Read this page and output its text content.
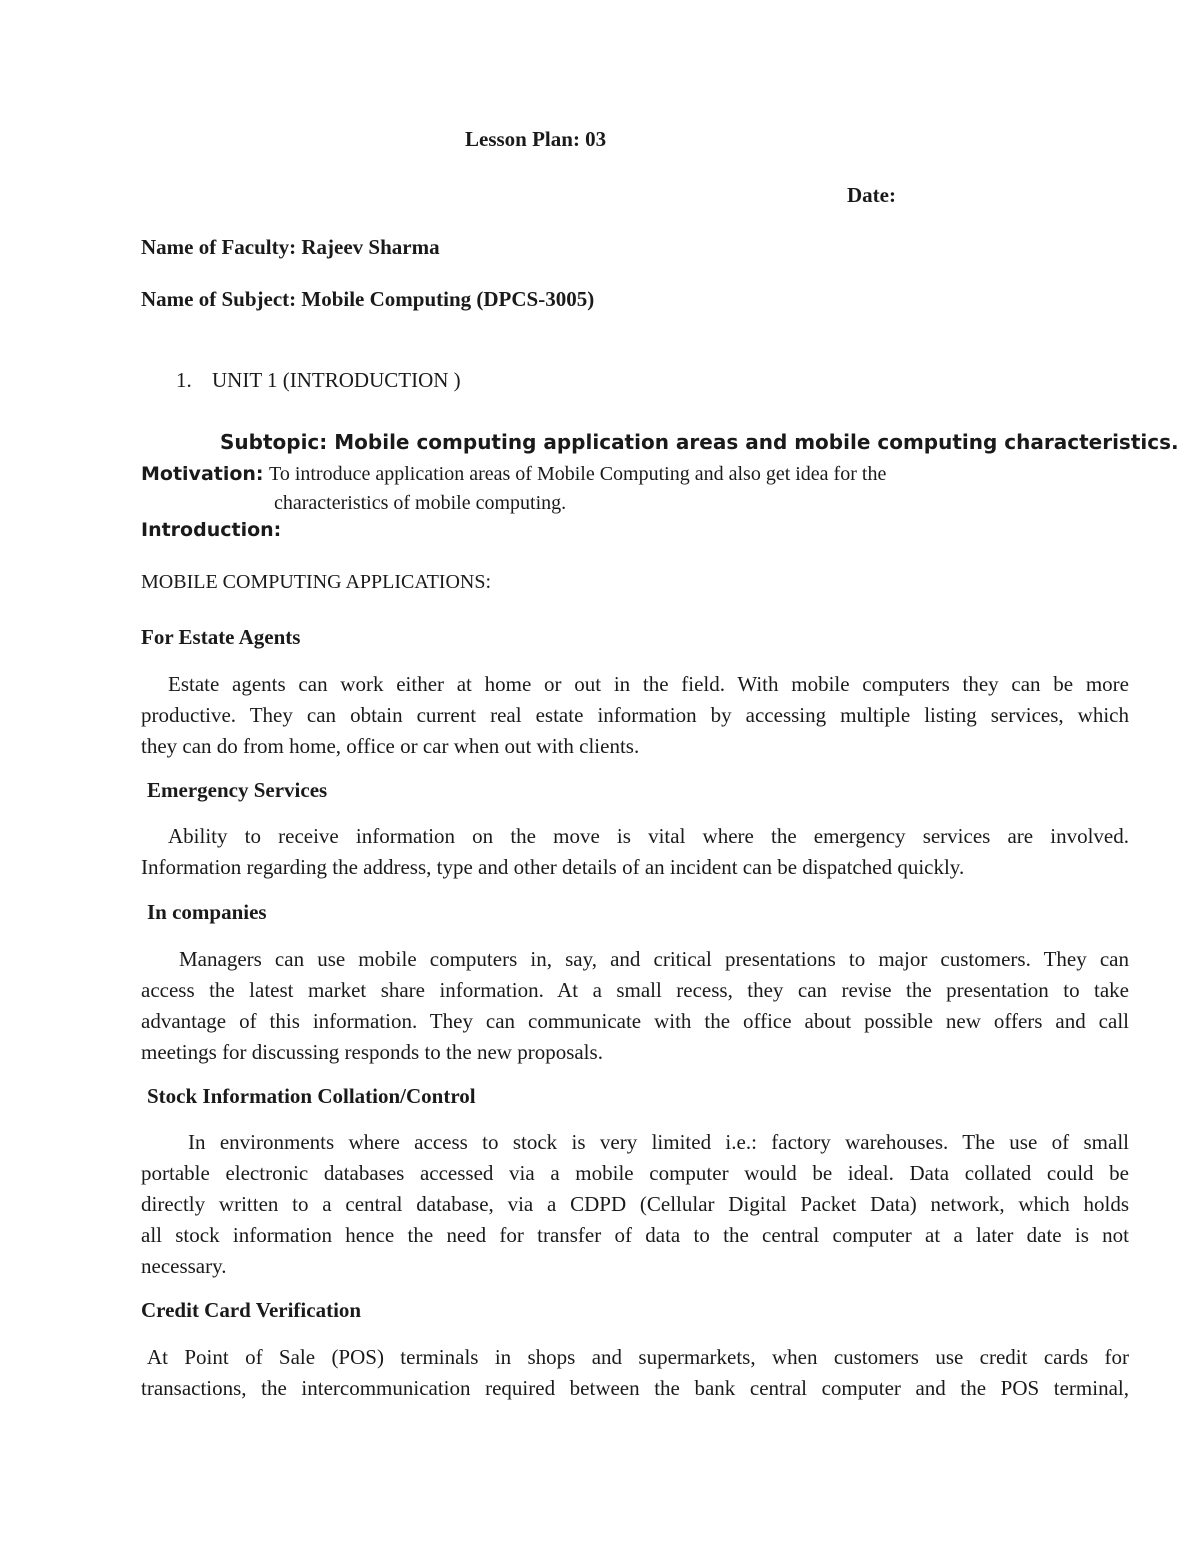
Lesson Plan: 03
Date:
Name of Faculty: Rajeev Sharma
Name of Subject: Mobile Computing (DPCS-3005)
1. UNIT 1 (INTRODUCTION )
Subtopic: Mobile computing application areas and mobile computing characteristics.
Motivation: To introduce application areas of Mobile Computing and also get idea for the
characteristics of mobile computing.
Introduction:
MOBILE COMPUTING APPLICATIONS:
For Estate Agents
Estate agents can work either at home or out in the field. With mobile computers they can be more
productive. They can obtain current real estate information by accessing multiple listing services, which
they can do from home, office or car when out with clients.
Emergency Services
Ability to receive information on the move is vital where the emergency services are involved.
Information regarding the address, type and other details of an incident can be dispatched quickly.
In companies
Managers can use mobile computers in, say, and critical presentations to major customers. They can
access the latest market share information. At a small recess, they can revise the presentation to take
advantage of this information. They can communicate with the office about possible new offers and call
meetings for discussing responds to the new proposals.
Stock Information Collation/Control
In environments where access to stock is very limited i.e.: factory warehouses. The use of small
portable electronic databases accessed via a mobile computer would be ideal. Data collated could be
directly written to a central database, via a CDPD (Cellular Digital Packet Data) network, which holds
all stock information hence the need for transfer of data to the central computer at a later date is not
necessary.
Credit Card Verification
At Point of Sale (POS) terminals in shops and supermarkets, when customers use credit cards for
transactions, the intercommunication required between the bank central computer and the POS terminal,
